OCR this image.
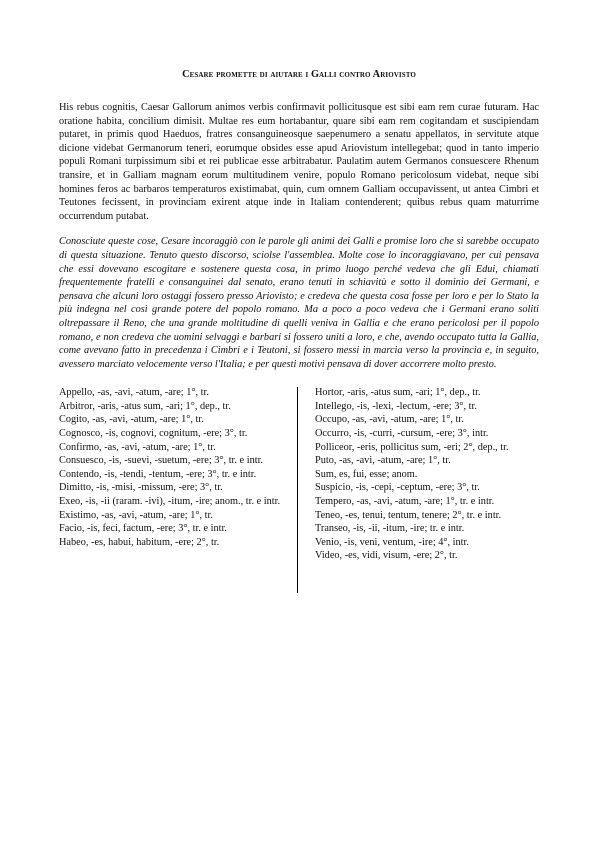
Cesare promette di aiutare i Galli contro Ariovisto

His rebus cognitis, Caesar Gallorum animos verbis confirmavit pollicitusque est sibi eam rem curae futuram. Hac oratione habita, concilium dimisit. Multae res eum hortabantur, quare sibi eam rem cogitandam et suscipiendam putaret, in primis quod Haeduos, fratres consanguineosque saepenumero a senatu appellatos, in servitute atque dicione videbat Germanorum teneri, eorumque obsides esse apud Ariovistum intellegebat; quod in tanto imperio populi Romani turpissimum sibi et rei publicae esse arbitrabatur. Paulatim autem Germanos consuescere Rhenum transire, et in Galliam magnam eorum multitudinem venire, populo Romano pericolosum videbat, neque sibi homines feros ac barbaros temperaturos existimabat, quin, cum omnem Galliam occupavissent, ut antea Cimbri et Teutones fecissent, in provinciam exirent atque inde in Italiam contenderent; quibus rebus quam maturrime occurrendum putabat.

Conosciute queste cose, Cesare incoraggiò con le parole gli animi dei Galli e promise loro che si sarebbe occupato di questa situazione. Tenuto questo discorso, sciolse l'assemblea. Molte cose lo incoraggiavano, per cui pensava che essi dovevano escogitare e sostenere questa cosa, in primo luogo perché vedeva che gli Edui, chiamati frequentemente fratelli e consanguinei dal senato, erano tenuti in schiavitù e sotto il dominio dei Germani, e pensava che alcuni loro ostaggi fossero presso Ariovisto; e credeva che questa cosa fosse per loro e per lo Stato la più indegna nel così grande potere del popolo romano. Ma a poco a poco vedeva che i Germani erano soliti oltrepassare il Reno, che una grande moltitudine di quelli veniva in Gallia e che erano pericolosi per il popolo romano, e non credeva che uomini selvaggi e barbari si fossero uniti a loro, e che, avendo occupato tutta la Gallia, come avevano fatto in precedenza i Cimbri e i Teutoni, si fossero messi in marcia verso la provincia e, in seguito, avessero marciato velocemente verso l'Italia; e per questi motivi pensava di dover accorrere molto presto.

Appello, -as, -avi, -atum, -are; 1°, tr.
Arbitror, -aris, -atus sum, -ari; 1°, dep., tr.
Cogito, -as, -avi, -atum, -are; 1°, tr.
Cognosco, -is, cognovi, cognitum, -ere; 3°, tr.
Confirmo, -as, -avi, -atum, -are; 1°, tr.
Consuesco, -is, -suevi, -suetum, -ere; 3°, tr. e intr.
Contendo, -is, -tendi, -tentum, -ere; 3°, tr. e intr.
Dimitto, -is, -misi, -missum, -ere; 3°, tr.
Exeo, -is, -ii (raram. -ivi), -itum, -ire; anom., tr. e intr.
Existimo, -as, -avi, -atum, -are; 1°, tr.
Facio, -is, feci, factum, -ere; 3°, tr. e intr.
Habeo, -es, habui, habitum, -ere; 2°, tr.
Hortor, -aris, -atus sum, -ari; 1°, dep., tr.
Intellego, -is, -lexi, -lectum, -ere; 3°, tr.
Occupo, -as, -avi, -atum, -are; 1°, tr.
Occurro, -is, -curri, -cursum, -ere; 3°, intr.
Polliceor, -eris, pollicitus sum, -eri; 2°, dep., tr.
Puto, -as, -avi, -atum, -are; 1°, tr.
Sum, es, fui, esse; anom.
Suspicio, -is, -cepi, -ceptum, -ere; 3°, tr.
Tempero, -as, -avi, -atum, -are; 1°, tr. e intr.
Teneo, -es, tenui, tentum, tenere; 2°, tr. e intr.
Transeo, -is, -ii, -itum, -ire; tr. e intr.
Venio, -is, veni, ventum, -ire; 4°, intr.
Video, -es, vidi, visum, -ere; 2°, tr.
